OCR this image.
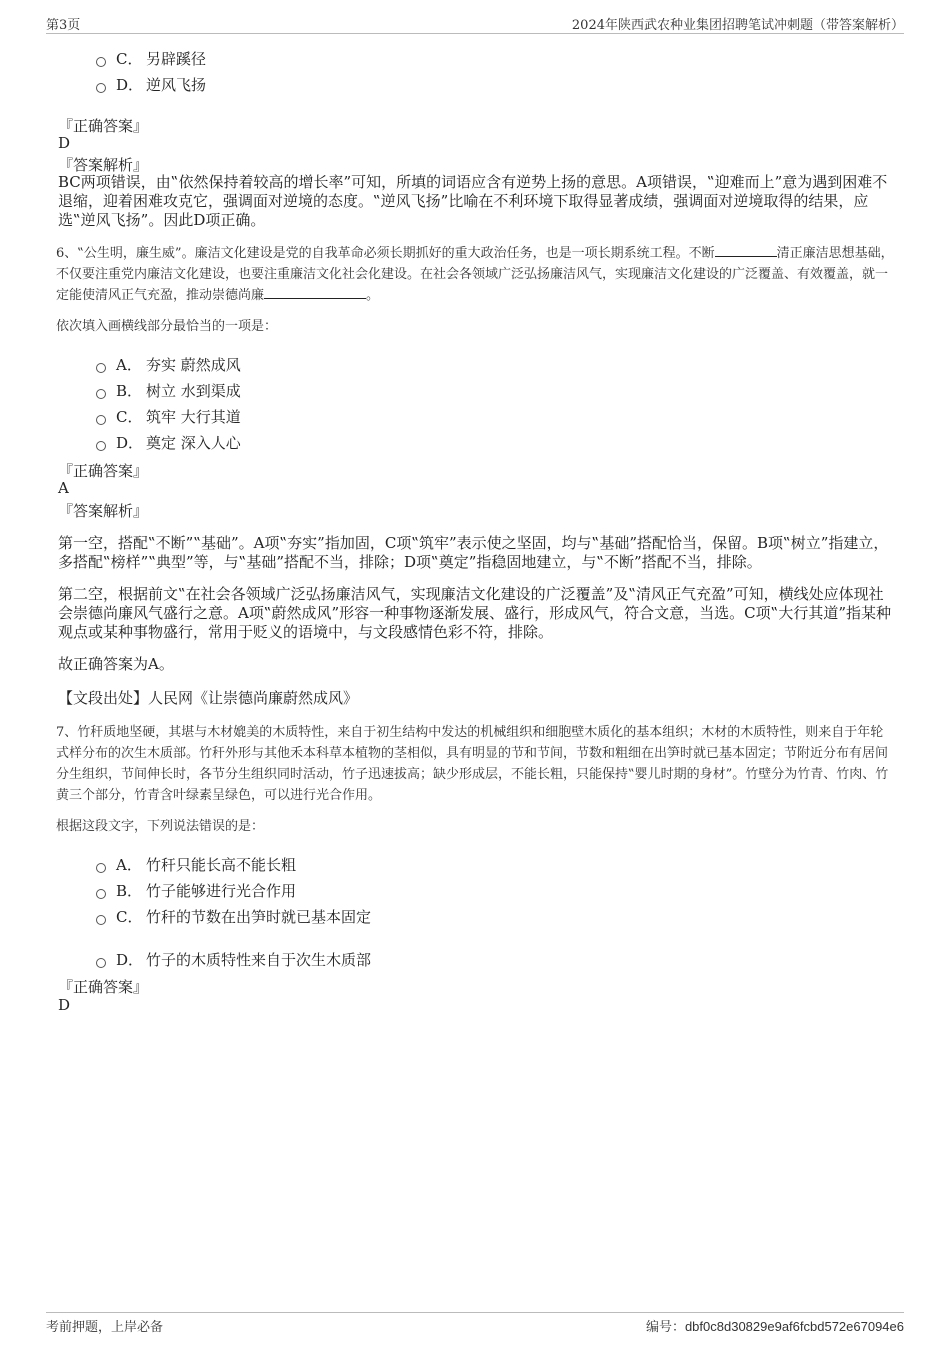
第3页	2024年陕西武农种业集团招聘笔试冲刺题（带答案解析）
C． 另辟蹊径
D． 逆风飞扬
『正确答案』
D
『答案解析』
BC两项错误，由‟依然保持着较高的增长率”可知，所填的词语应含有逆势上扬的意思。A项错误，‟迎难而上”意为遇到困难不退缩，迎着困难攻克它，强调面对逆境的态度。‟逆风飞扬”比喻在不利环境下取得显著成绩，强调面对逆境取得的结果，应选‟逆风飞扬”。因此D项正确。
6、‟公生明，廉生威”。廉洁文化建设是党的自我革命必须长期抓好的重大政治任务，也是一项长期系统工程。不断	清正廉洁思想基础，不仅要注重党内廉洁文化建设，也要注重廉洁文化社会化建设。在社会各领域广泛弘扬廉洁风气，实现廉洁文化建设的广泛覆盖、有效覆盖，就一定能使清风正气充盈，推动崇德尚廉	。
依次填入画横线部分最恰当的一项是：
A． 夯实 蔚然成风
B． 树立 水到渠成
C． 筑牢 大行其道
D． 奠定 深入人心
『正确答案』
A
『答案解析』
第一空，搭配‟不断”‟基础”。A项‟夯实”指加固，C项‟筑牢”表示使之坚固，均与‟基础”搭配恰当，保留。B项‟树立”指建立，多搭配‟榜样”‟典型”等，与‟基础”搭配不当，排除；D项‟奠定”指稳固地建立，与‟不断”搭配不当，排除。
第二空，根据前文‟在社会各领域广泛弘扬廉洁风气，实现廉洁文化建设的广泛覆盖”及‟清风正气充盈”可知，横线处应体现社会崇德尚廉风气盛行之意。A项‟蔚然成风”形容一种事物逐渐发展、盛行，形成风气，符合文意，当选。C项‟大行其道”指某种观点或某种事物盛行，常用于贬义的语境中，与文段感情色彩不符，排除。
故正确答案为A。
【文段出处】人民网《让崇德尚廉蔚然成风》
7、竹秆质地坚硬，其堪与木材媲美的木质特性，来自于初生结构中发达的机械组织和细胞壁木质化的基本组织；木材的木质特性，则来自于年轮式样分布的次生木质部。竹秆外形与其他禾本科草本植物的茎相似，具有明显的节和节间，节数和粗细在出笋时就已基本固定；节附近分布有居间分生组织，节间伸长时，各节分生组织同时活动，竹子迅速拔高；缺少形成层，不能长粗，只能保持‟婴儿时期的身材”。竹壁分为竹青、竹肉、竹黄三个部分，竹青含叶绿素呈绿色，可以进行光合作用。
根据这段文字，下列说法错误的是：
A． 竹秆只能长高不能长粗
B． 竹子能够进行光合作用
C． 竹秆的节数在出笋时就已基本固定
D． 竹子的木质特性来自于次生木质部
『正确答案』
D
考前押题，上岸必备	编号：dbf0c8d30829e9af6fcbd572e67094e6
